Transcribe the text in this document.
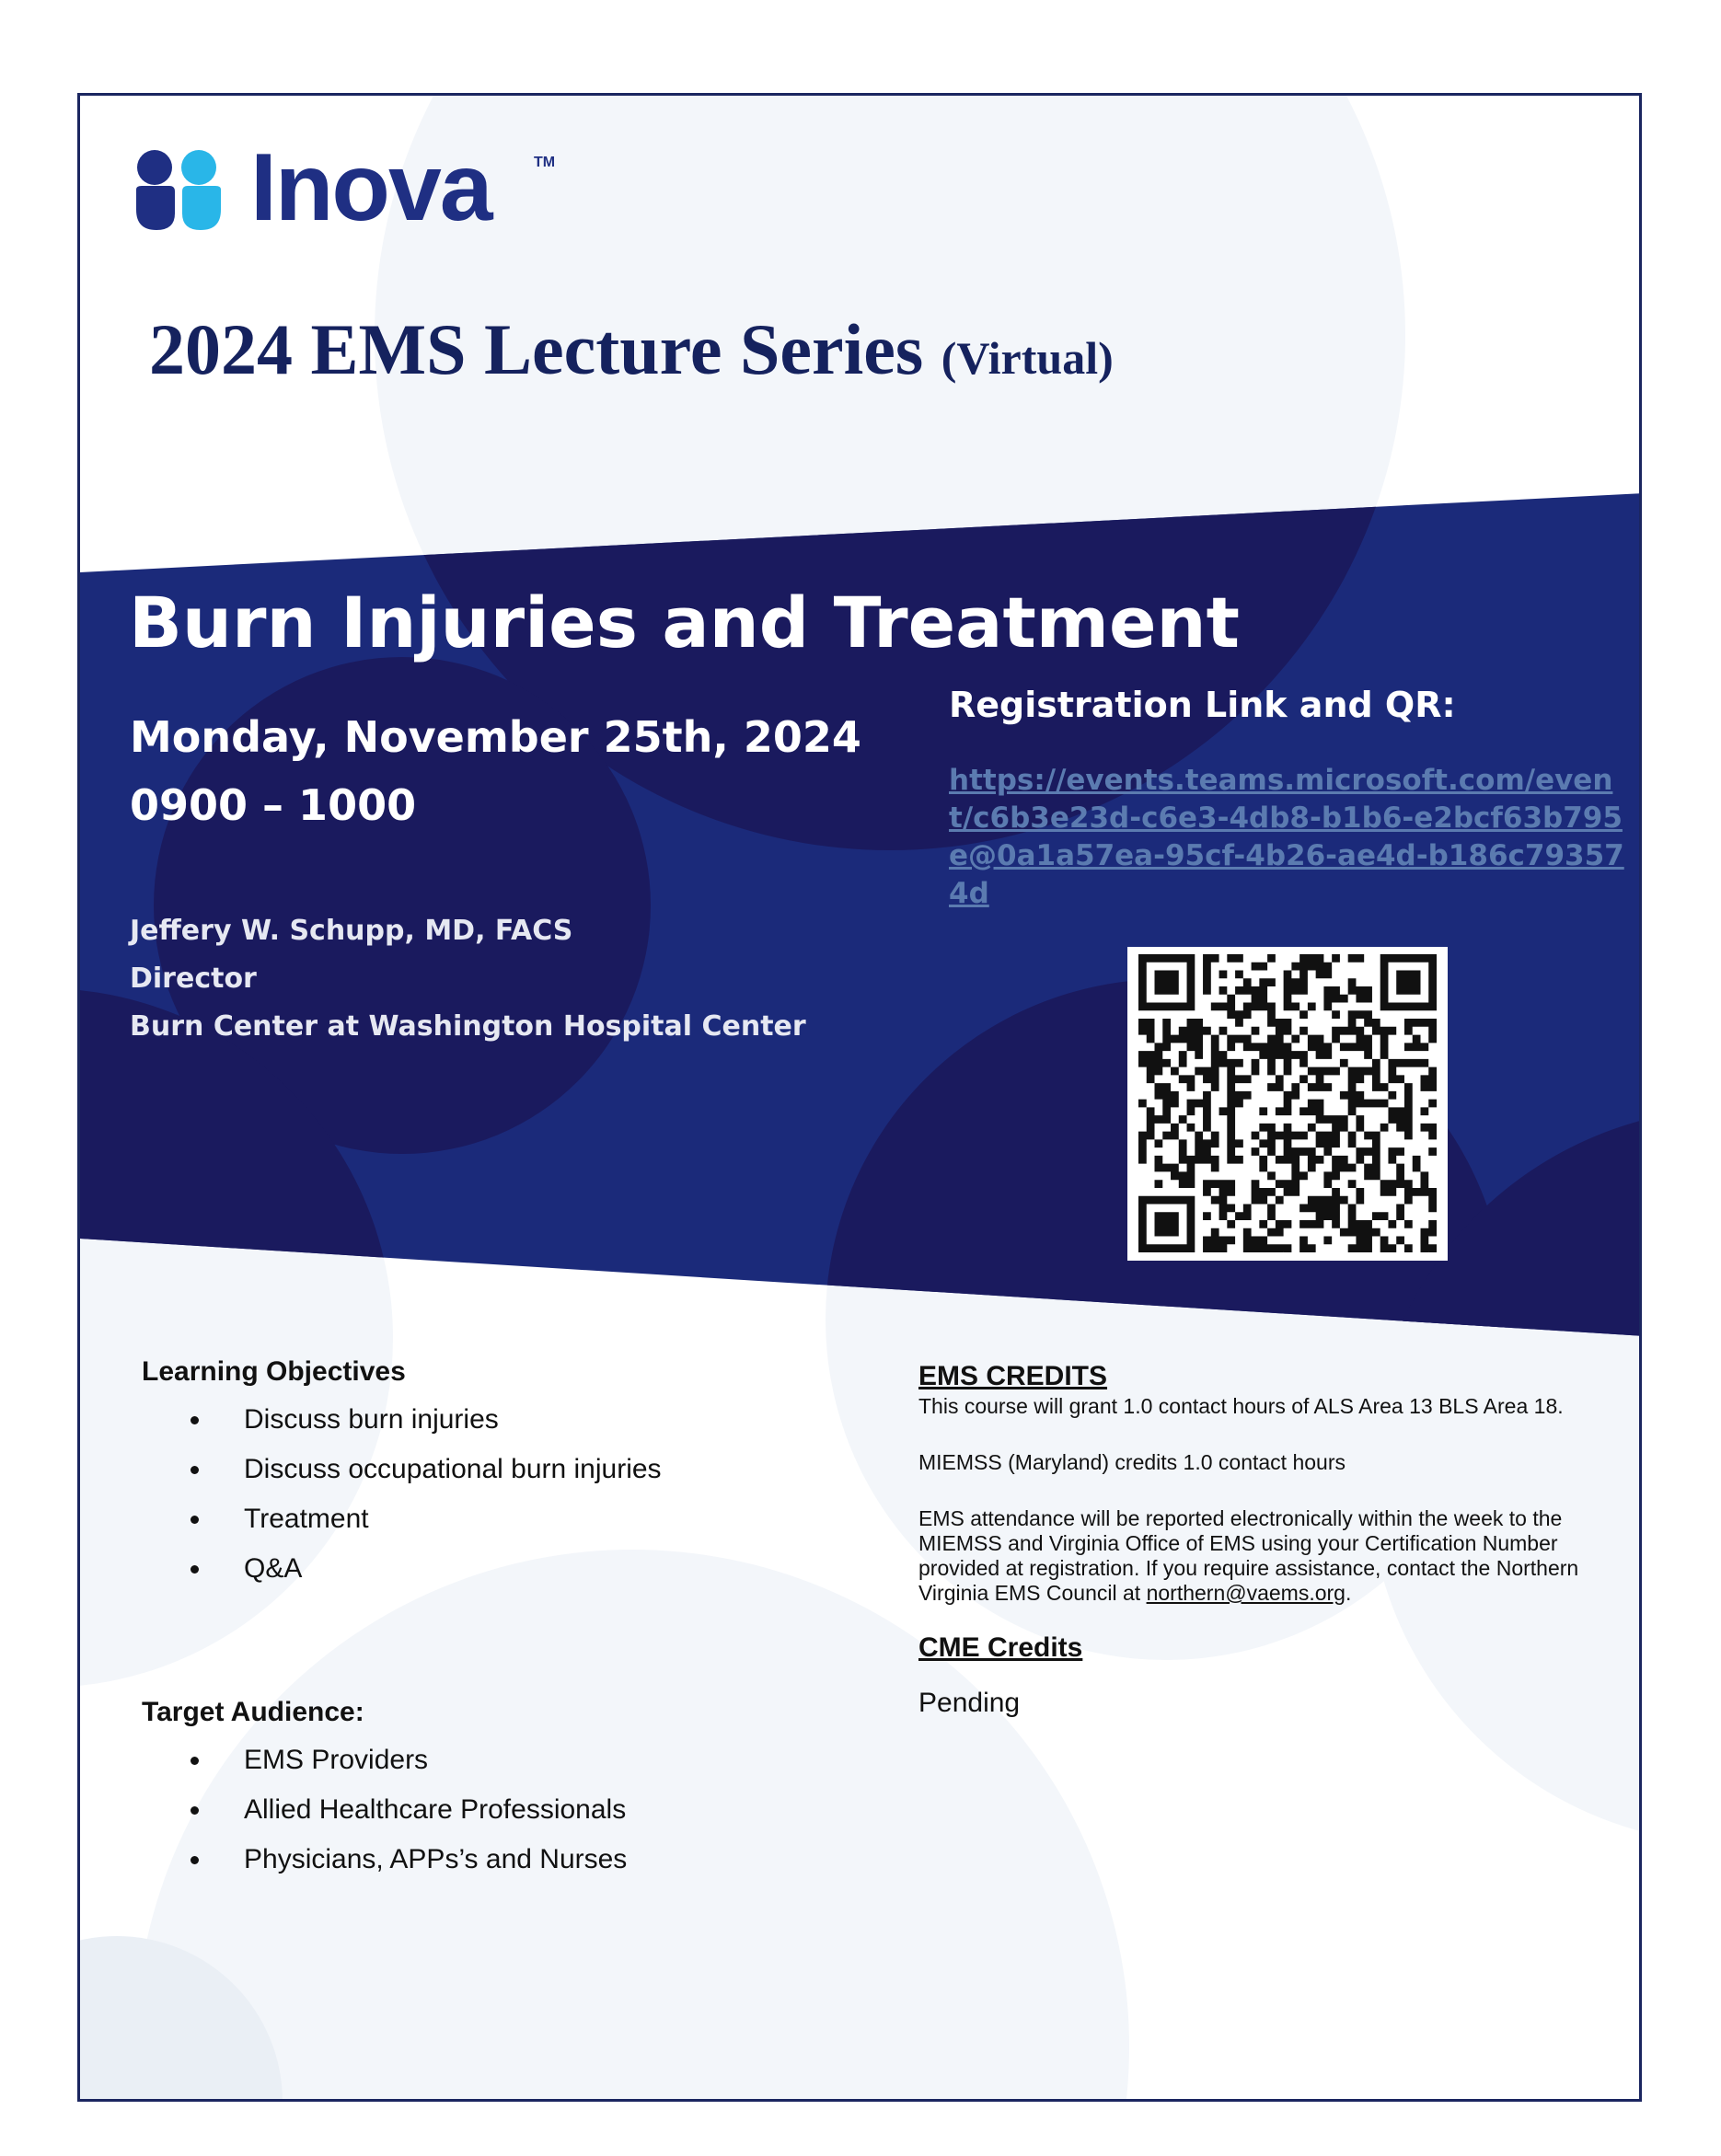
Inova	TM
2024 EMS Lecture Series (Virtual)
Burn Injuries and Treatment
Monday, November 25th, 2024
0900 – 1000
Jeffery W. Schupp, MD, FACS
Director
Burn Center at Washington Hospital Center
Registration Link and QR:
https://events.teams.microsoft.com/event/c6b3e23d-c6e3-4db8-b1b6-e2bcf63b795e@0a1a57ea-95cf-4b26-ae4d-b186c793574d
Learning Objectives
Discuss burn injuries
Discuss occupational burn injuries
Treatment
Q&A
Target Audience:
EMS Providers
Allied Healthcare Professionals
Physicians, APPs’s and Nurses
EMS CREDITS
This course will grant 1.0 contact hours of ALS Area 13 BLS Area 18.
MIEMSS (Maryland) credits 1.0 contact hours
EMS attendance will be reported electronically within the week to the MIEMSS and Virginia Office of EMS using your Certification Number provided at registration. If you require assistance, contact the Northern Virginia EMS Council at northern@vaems.org.
CME Credits
Pending
